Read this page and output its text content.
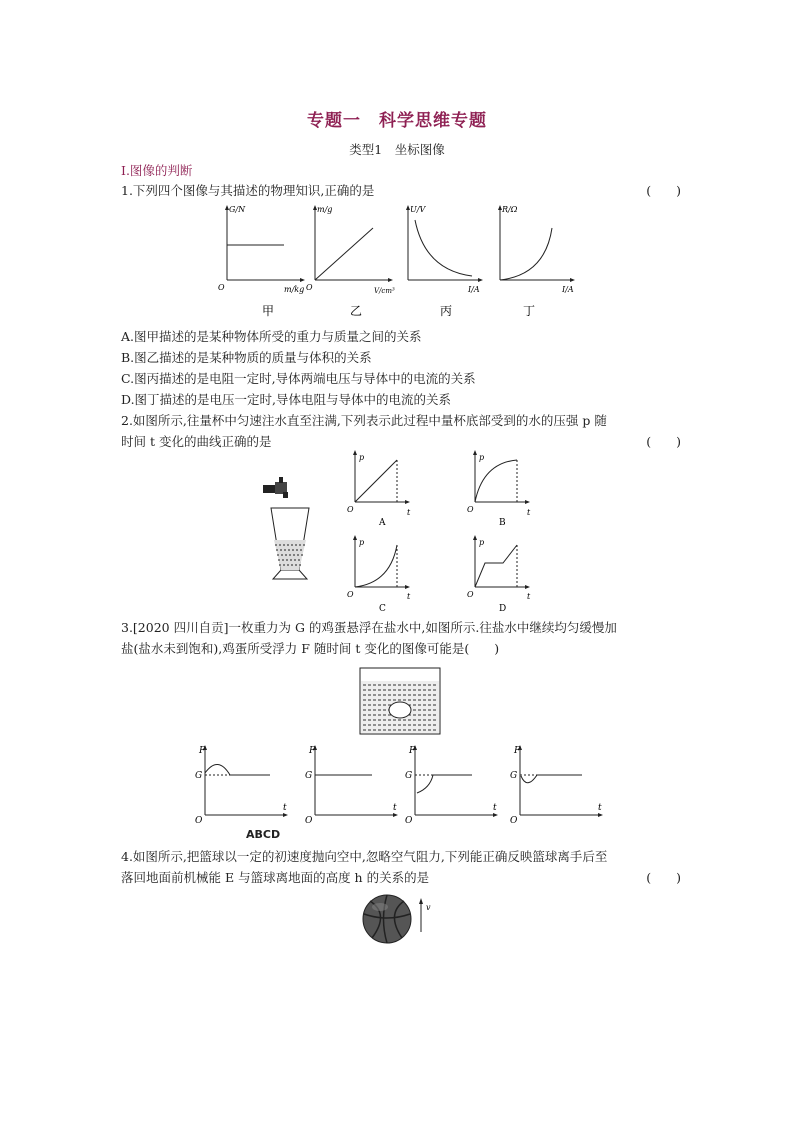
专题一　科学思维专题
类型1　坐标图像
Ⅰ.图像的判断
1.下列四个图像与其描述的物理知识,正确的是	(　　)
G/N
m/kg
O
甲
m/g
V/cm³
O
乙
U/V
I/A
丙
R/Ω
I/A
丁
A.图甲描述的是某种物体所受的重力与质量之间的关系
B.图乙描述的是某种物质的质量与体积的关系
C.图丙描述的是电阻一定时,导体两端电压与导体中的电流的关系
D.图丁描述的是电压一定时,导体电阻与导体中的电流的关系
2.如图所示,往量杯中匀速注水直至注满,下列表示此过程中量杯底部受到的水的压强 p 随
时间 t 变化的曲线正确的是	(　　)
p
t
O
A
p
t
O
B
p
t
O
C
p
t
O
D
3.[2020 四川自贡]一枚重力为 G 的鸡蛋悬浮在盐水中,如图所示.往盐水中继续均匀缓慢加
盐(盐水未到饱和),鸡蛋所受浮力 F 随时间 t 变化的图像可能是(　　)
F
G
t
O
F
G
t
O
F
G
t
O
F
G
t
O
ABCD
4.如图所示,把篮球以一定的初速度抛向空中,忽略空气阻力,下列能正确反映篮球离手后至
落回地面前机械能 E 与篮球离地面的高度 h 的关系的是	(　　)
v
